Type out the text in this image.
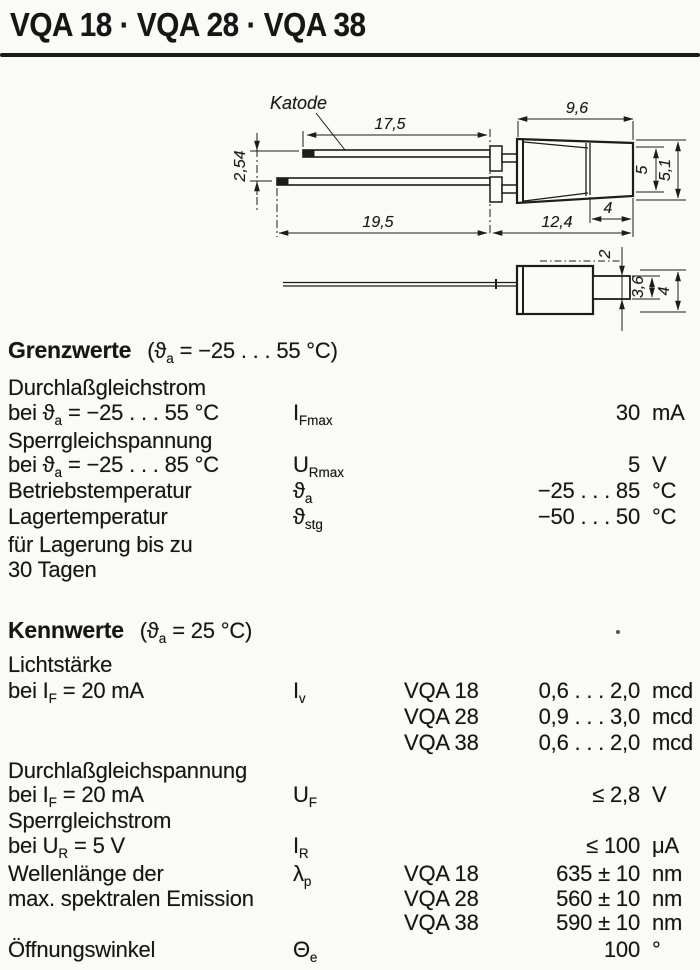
VQA 18 · VQA 28 · VQA 38
Katode
17,5
9,6
2,54
19,5	12,4
4
5 5,1
2
3,6 4
Grenzwerte ($ϑ_a = -25$ . . . 55 °C)
Durchlaßgleichstrom
bei $ϑ_a = -25$ . . . 55 °C	$I_{Fmax}$	30 mA
Sperrgleichspannung
bei $ϑ_a = -25$ . . . 85 °C	$U_{Rmax}$	5 V
Betriebstemperatur	$ϑ_a$	−25 . . . 85 °C
Lagertemperatur	$ϑ_{stg}$	−50 . . . 50 °C
für Lagerung bis zu
30 Tagen
Kennwerte ($ϑ_a = 25$ °C)
Lichtstärke
bei $I_F = 20$ mA	$I_v$	VQA 18	0,6 . . . 2,0 mcd
VQA 28	0,9 . . . 3,0 mcd
VQA 38	0,6 . . . 2,0 mcd
Durchlaßgleichspannung
bei $I_F = 20$ mA	$U_F$	≤ 2,8 V
Sperrgleichstrom
bei $U_R = 5$ V	$I_R$	≤ 100 μA
Wellenlänge der
max. spektralen Emission
$\lambda_p$	VQA 18	635 ± 10 nm
VQA 28	560 ± 10 nm
VQA 38	590 ± 10 nm
Öffnungswinkel	$\Theta_e$	100 °
